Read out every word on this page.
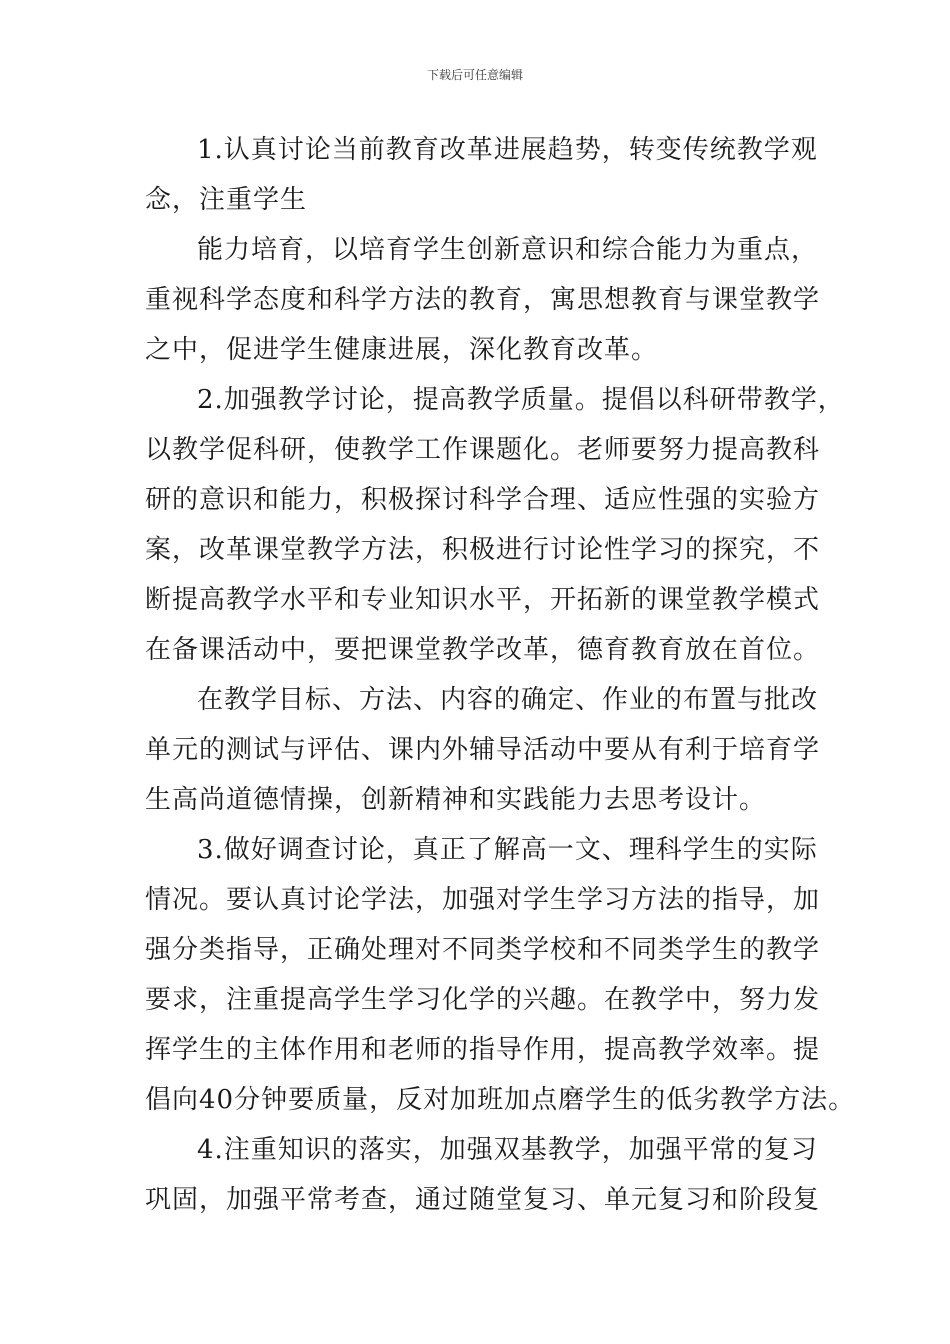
下载后可任意编辑
1.认真讨论当前教育改革进展趋势，转变传统教学观
念，注重学生
能力培育，以培育学生创新意识和综合能力为重点，
重视科学态度和科学方法的教育，寓思想教育与课堂教学
之中，促进学生健康进展，深化教育改革。
2.加强教学讨论，提高教学质量。提倡以科研带教学，
以教学促科研，使教学工作课题化。老师要努力提高教科
研的意识和能力，积极探讨科学合理、适应性强的实验方
案，改革课堂教学方法，积极进行讨论性学习的探究，不
断提高教学水平和专业知识水平，开拓新的课堂教学模式
在备课活动中，要把课堂教学改革，德育教育放在首位。
在教学目标、方法、内容的确定、作业的布置与批改
单元的测试与评估、课内外辅导活动中要从有利于培育学
生高尚道德情操，创新精神和实践能力去思考设计。
3.做好调查讨论，真正了解高一文、理科学生的实际
情况。要认真讨论学法，加强对学生学习方法的指导，加
强分类指导，正确处理对不同类学校和不同类学生的教学
要求，注重提高学生学习化学的兴趣。在教学中，努力发
挥学生的主体作用和老师的指导作用，提高教学效率。提
倡向40分钟要质量，反对加班加点磨学生的低劣教学方法。
4.注重知识的落实，加强双基教学，加强平常的复习
巩固，加强平常考查，通过随堂复习、单元复习和阶段复
